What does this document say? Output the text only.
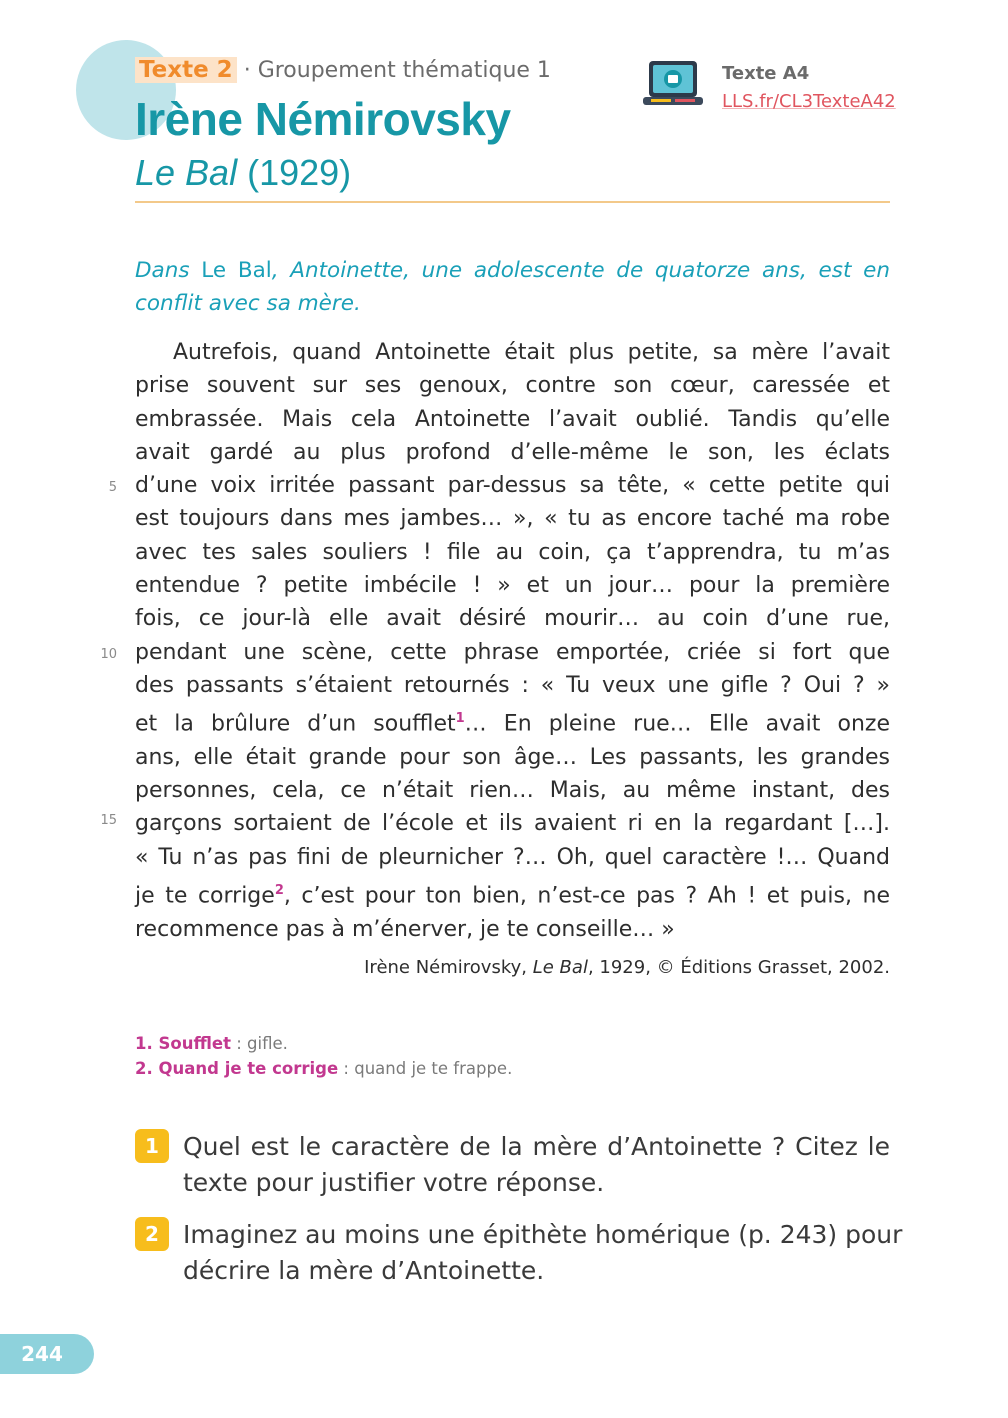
Texte 2 · Groupement thématique 1
Irène Némirovsky
Le Bal (1929)
Texte A4
LLS.fr/CL3TexteA42
Dans Le Bal, Antoinette, une adolescente de quatorze ans, est en conflit avec sa mère.
Autrefois, quand Antoinette était plus petite, sa mère l’avait
prise souvent sur ses genoux, contre son cœur, caressée et
embrassée. Mais cela Antoinette l’avait oublié. Tandis qu’elle
avait gardé au plus profond d’elle-même le son, les éclats
d’une voix irritée passant par-dessus sa tête, « cette petite qui
est toujours dans mes jambes… », « tu as encore taché ma robe
avec tes sales souliers ! file au coin, ça t’apprendra, tu m’as
entendue ? petite imbécile ! » et un jour… pour la première
fois, ce jour-là elle avait désiré mourir… au coin d’une rue,
pendant une scène, cette phrase emportée, criée si fort que
des passants s’étaient retournés : « Tu veux une gifle ? Oui ? »
et la brûlure d’un soufflet$^1$… En pleine rue… Elle avait onze
ans, elle était grande pour son âge… Les passants, les grandes
personnes, cela, ce n’était rien… Mais, au même instant, des
garçons sortaient de l’école et ils avaient ri en la regardant […].
« Tu n’as pas fini de pleurnicher ?… Oh, quel caractère !… Quand
je te corrige$^2$, c’est pour ton bien, n’est-ce pas ? Ah ! et puis, ne
recommence pas à m’énerver, je te conseille… »
5
10
15
Irène Némirovsky, Le Bal, 1929, © Éditions Grasset, 2002.
1. Soufflet : gifle.
2. Quand je te corrige : quand je te frappe.
1 Quel est le caractère de la mère d’Antoinette ? Citez le
texte pour justifier votre réponse.
2 Imaginez au moins une épithète homérique (p. 243) pour
décrire la mère d’Antoinette.
244
